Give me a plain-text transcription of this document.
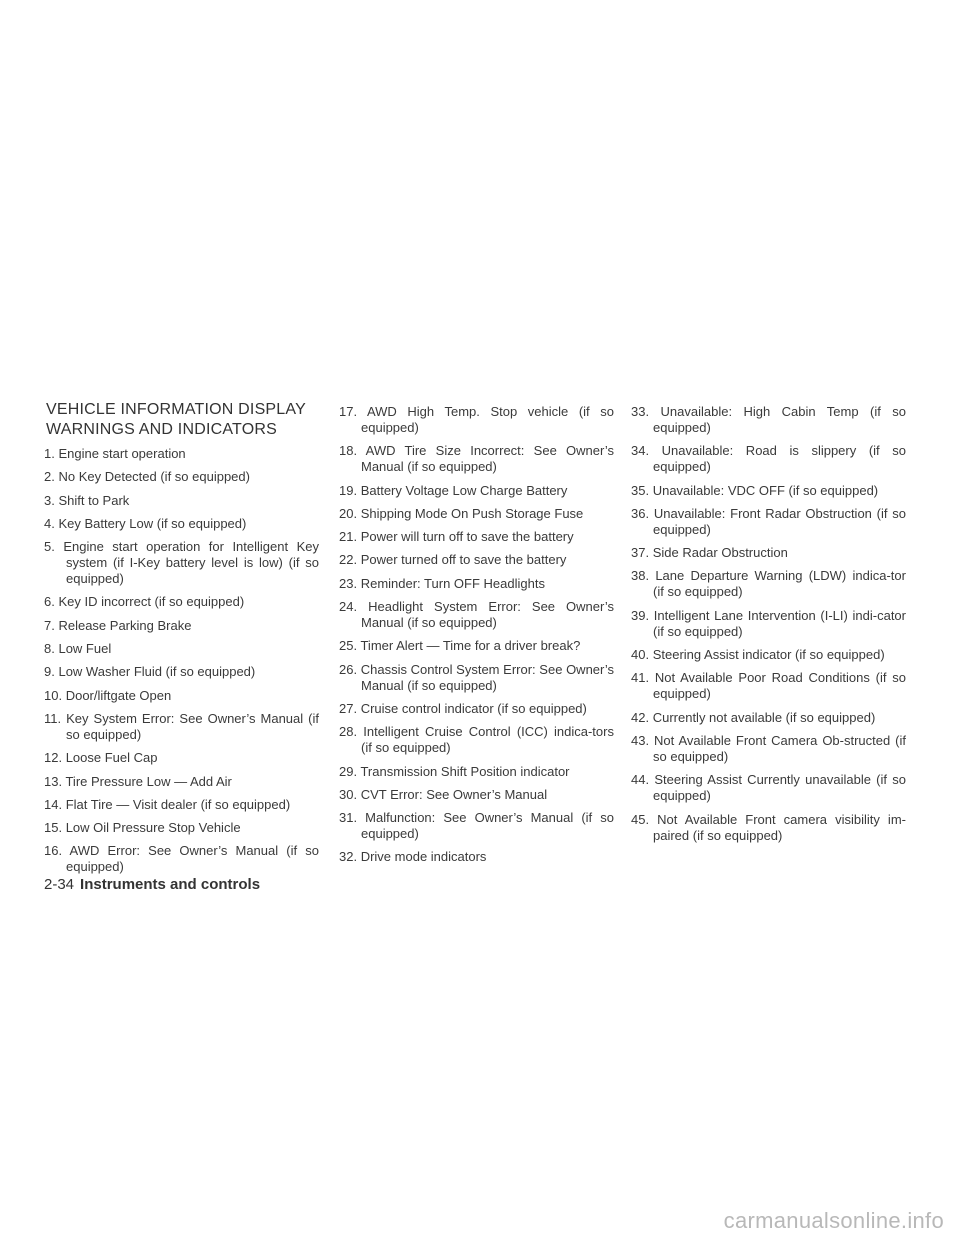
VEHICLE INFORMATION DISPLAY
WARNINGS AND INDICATORS
1. Engine start operation
2. No Key Detected (if so equipped)
3. Shift to Park
4. Key Battery Low (if so equipped)
5. Engine start operation for Intelligent Key system (if I-Key battery level is low) (if so equipped)
6. Key ID incorrect (if so equipped)
7. Release Parking Brake
8. Low Fuel
9. Low Washer Fluid (if so equipped)
10. Door/liftgate Open
11. Key System Error: See Owner’s Manual (if so equipped)
12. Loose Fuel Cap
13. Tire Pressure Low — Add Air
14. Flat Tire — Visit dealer (if so equipped)
15. Low Oil Pressure Stop Vehicle
16. AWD Error: See Owner’s Manual (if so equipped)
17. AWD High Temp. Stop vehicle (if so equipped)
18. AWD Tire Size Incorrect: See Owner’s Manual (if so equipped)
19. Battery Voltage Low Charge Battery
20. Shipping Mode On Push Storage Fuse
21. Power will turn off to save the battery
22. Power turned off to save the battery
23. Reminder: Turn OFF Headlights
24. Headlight System Error: See Owner’s Manual (if so equipped)
25. Timer Alert — Time for a driver break?
26. Chassis Control System Error: See Owner’s Manual (if so equipped)
27. Cruise control indicator (if so equipped)
28. Intelligent Cruise Control (ICC) indica-tors (if so equipped)
29. Transmission Shift Position indicator
30. CVT Error: See Owner’s Manual
31. Malfunction: See Owner’s Manual (if so equipped)
32. Drive mode indicators
33. Unavailable: High Cabin Temp (if so equipped)
34. Unavailable: Road is slippery (if so equipped)
35. Unavailable: VDC OFF (if so equipped)
36. Unavailable: Front Radar Obstruction (if so equipped)
37. Side Radar Obstruction
38. Lane Departure Warning (LDW) indica-tor (if so equipped)
39. Intelligent Lane Intervention (I-LI) indi-cator (if so equipped)
40. Steering Assist indicator (if so equipped)
41. Not Available Poor Road Conditions (if so equipped)
42. Currently not available (if so equipped)
43. Not Available Front Camera Ob-structed (if so equipped)
44. Steering Assist Currently unavailable (if so equipped)
45. Not Available Front camera visibility im-paired (if so equipped)
2-34 Instruments and controls
carmanualsonline.info
